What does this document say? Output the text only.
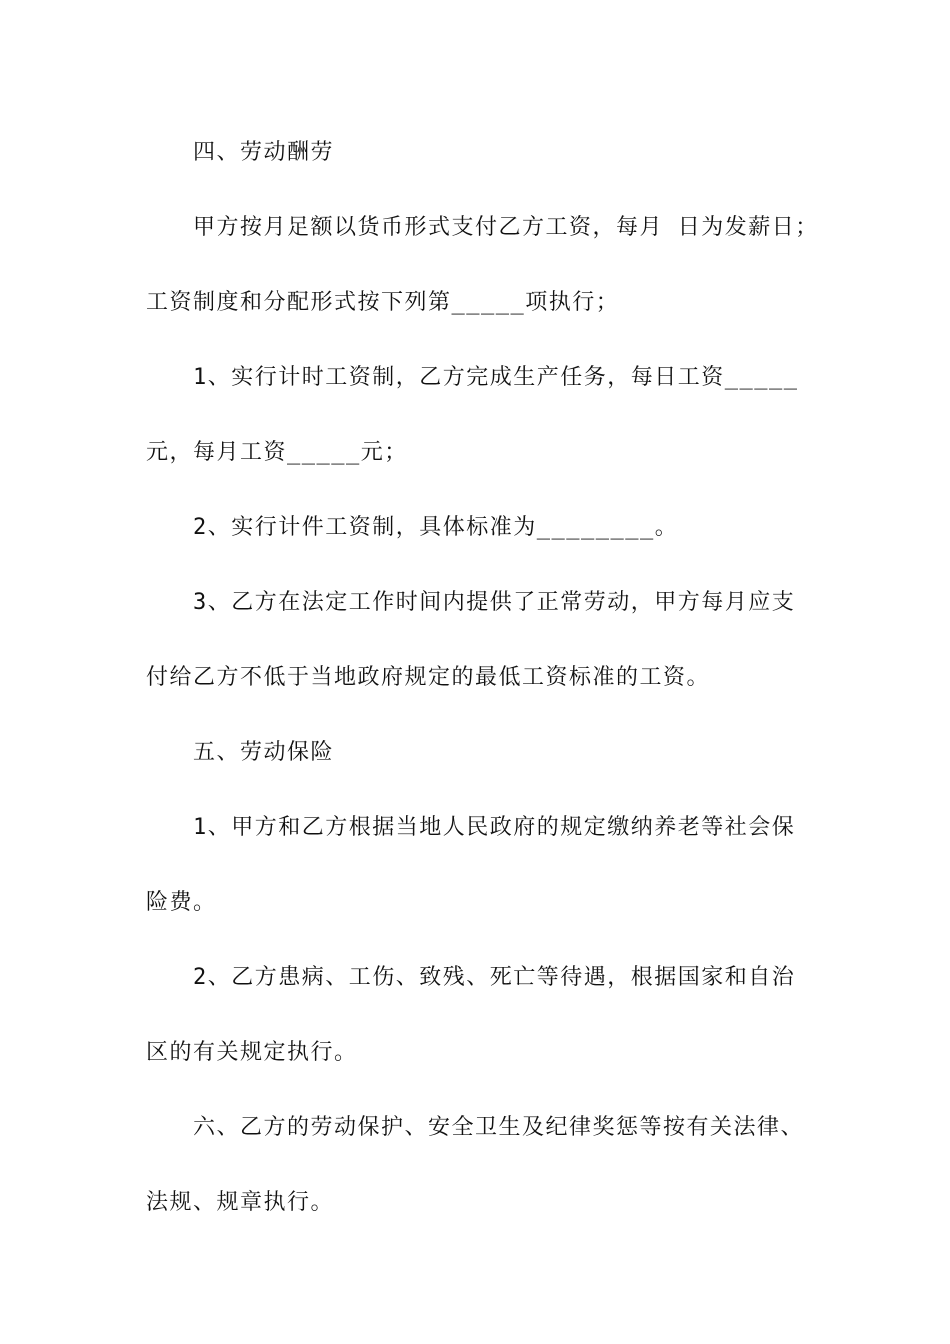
四、劳动酬劳
甲方按月足额以货币形式支付乙方工资，每月 日为发薪日；
工资制度和分配形式按下列第_____项执行；
1、实行计时工资制，乙方完成生产任务，每日工资_____
元，每月工资_____元；
2、实行计件工资制，具体标准为________。
3、乙方在法定工作时间内提供了正常劳动，甲方每月应支
付给乙方不低于当地政府规定的最低工资标准的工资。
五、劳动保险
1、甲方和乙方根据当地人民政府的规定缴纳养老等社会保
险费。
2、乙方患病、工伤、致残、死亡等待遇，根据国家和自治
区的有关规定执行。
六、乙方的劳动保护、安全卫生及纪律奖惩等按有关法律、
法规、规章执行。
